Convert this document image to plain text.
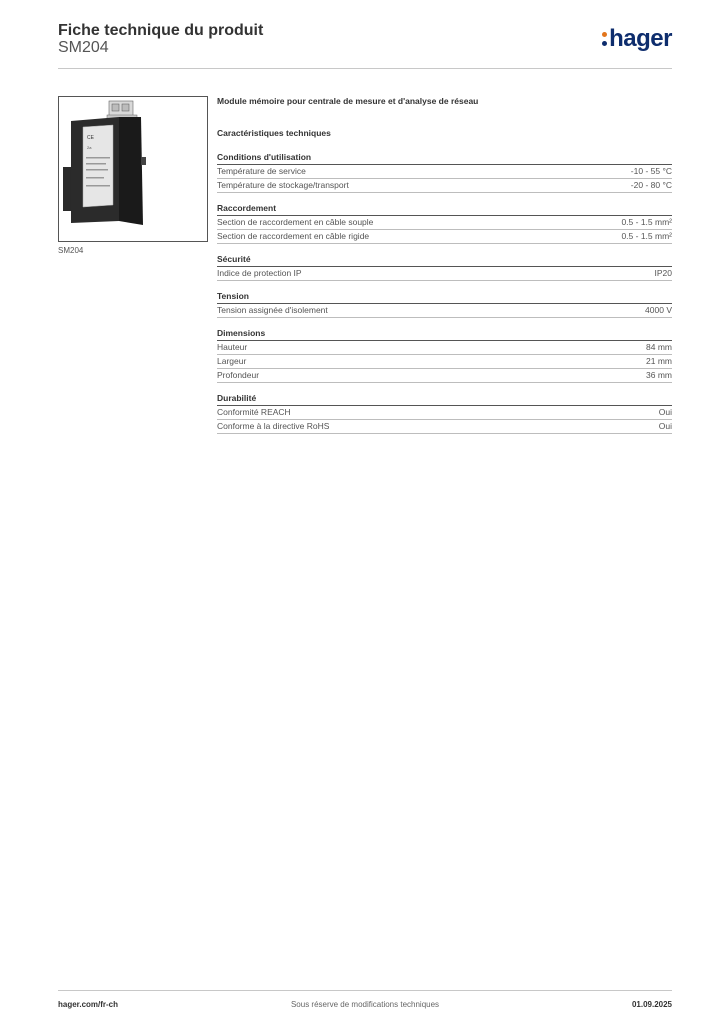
Fiche technique du produit
SM204	hager
CE
2a
SM204
Module mémoire pour centrale de mesure et d'analyse de réseau
Caractéristiques techniques
Conditions d'utilisation
Température de service	-10 - 55 °C
Température de stockage/transport	-20 - 80 °C
Raccordement
Section de raccordement en câble souple	0.5 - 1.5 mm²
Section de raccordement en câble rigide	0.5 - 1.5 mm²
Sécurité
Indice de protection IP	IP20
Tension
Tension assignée d'isolement	4000 V
Dimensions
Hauteur	84 mm
Largeur	21 mm
Profondeur	36 mm
Durabilité
Conformité REACH	Oui
Conforme à la directive RoHS	Oui
hager.com/fr-ch	Sous réserve de modifications techniques	01.09.2025
